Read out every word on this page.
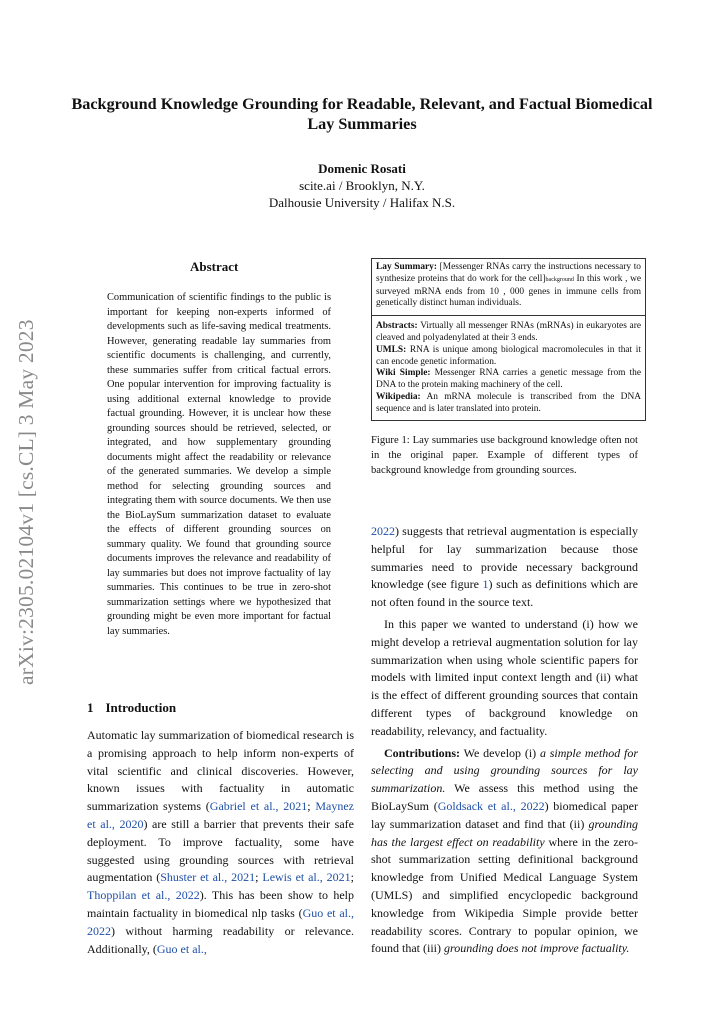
arXiv:2305.02104v1 [cs.CL] 3 May 2023
Background Knowledge Grounding for Readable, Relevant, and Factual Biomedical Lay Summaries
Domenic Rosati
scite.ai / Brooklyn, N.Y.
Dalhousie University / Halifax N.S.
Abstract
Communication of scientific findings to the public is important for keeping non-experts informed of developments such as life-saving medical treatments. However, generating readable lay summaries from scientific documents is challenging, and currently, these summaries suffer from critical factual errors. One popular intervention for improving factuality is using additional external knowledge to provide factual grounding. However, it is unclear how these grounding sources should be retrieved, selected, or integrated, and how supplementary grounding documents might affect the readability or relevance of the generated summaries. We develop a simple method for selecting grounding sources and integrating them with source documents. We then use the BioLaySum summarization dataset to evaluate the effects of different grounding sources on summary quality. We found that grounding source documents improves the relevance and readability of lay summaries but does not improve factuality of lay summaries. This continues to be true in zero-shot summarization settings where we hypothesized that grounding might be even more important for factual lay summaries.
1 Introduction
Automatic lay summarization of biomedical research is a promising approach to help inform non-experts of vital scientific and clinical discoveries. However, known issues with factuality in automatic summarization systems (Gabriel et al., 2021; Maynez et al., 2020) are still a barrier that prevents their safe deployment. To improve factuality, some have suggested using grounding sources with retrieval augmentation (Shuster et al., 2021; Lewis et al., 2021; Thoppilan et al., 2022). This has been show to help maintain factuality in biomedical nlp tasks (Guo et al., 2022) without harming readability or relevance. Additionally, (Guo et al.,
Lay Summary: [Messenger RNAs carry the instructions necessary to synthesize proteins that do work for the cell]background In this work , we surveyed mRNA ends from 10 , 000 genes in immune cells from genetically distinct human individuals.
Abstracts: Virtually all messenger RNAs (mRNAs) in eukaryotes are cleaved and polyadenylated at their 3 ends.
UMLS: RNA is unique among biological macromolecules in that it can encode genetic information.
Wiki Simple: Messenger RNA carries a genetic message from the DNA to the protein making machinery of the cell.
Wikipedia: An mRNA molecule is transcribed from the DNA sequence and is later translated into protein.
Figure 1: Lay summaries use background knowledge often not in the original paper. Example of different types of background knowledge from grounding sources.

2022) suggests that retrieval augmentation is especially helpful for lay summarization because those summaries need to provide necessary background knowledge (see figure 1) such as definitions which are not often found in the source text.

In this paper we wanted to understand (i) how we might develop a retrieval augmentation solution for lay summarization when using whole scientific papers for models with limited input context length and (ii) what is the effect of different grounding sources that contain different types of background knowledge on readability, relevancy, and factuality.

Contributions: We develop (i) a simple method for selecting and using grounding sources for lay summarization. We assess this method using the BioLaySum (Goldsack et al., 2022) biomedical paper lay summarization dataset and find that (ii) grounding has the largest effect on readability where in the zero-shot summarization setting definitional background knowledge from Unified Medical Language System (UMLS) and simplified encyclopedic background knowledge from Wikipedia Simple provide better readability scores. Contrary to popular opinion, we found that (iii) grounding does not improve factuality.
